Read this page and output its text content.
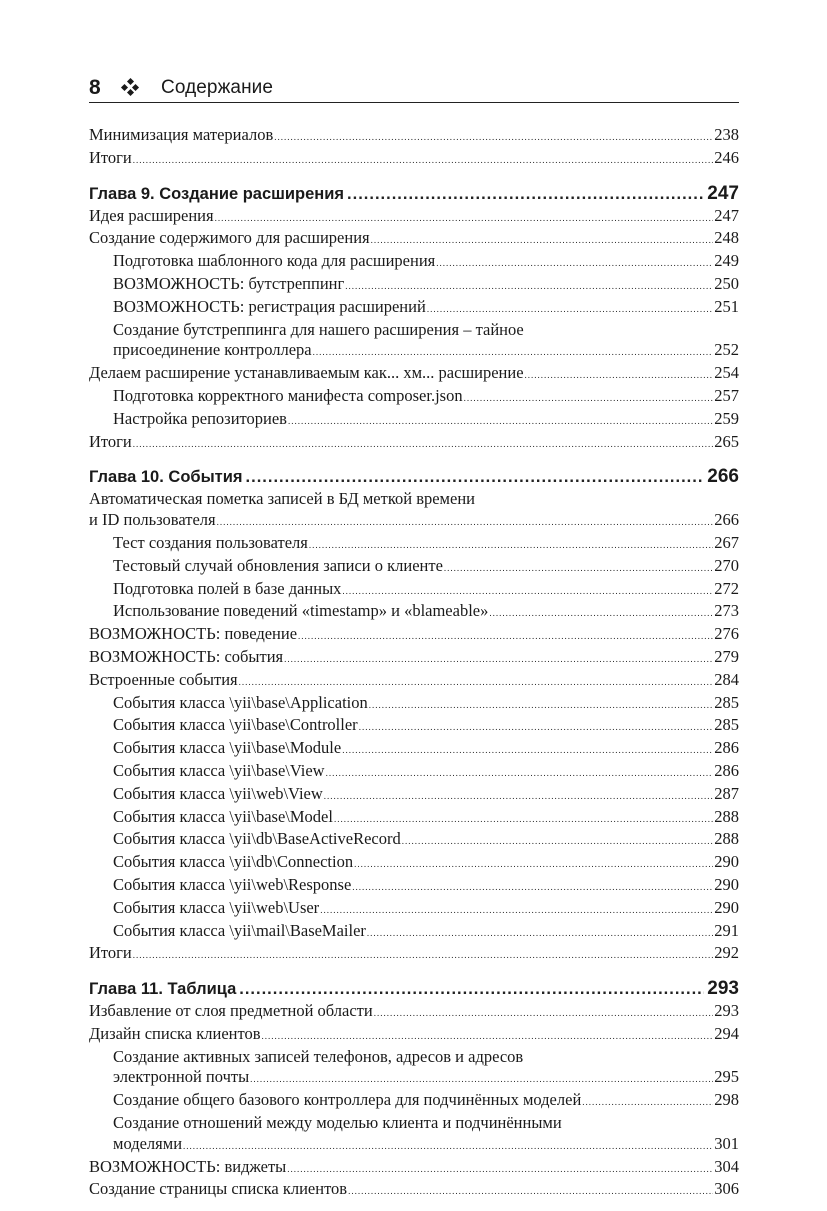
8	Содержание
Минимизация материалов .....	238
Итоги .....	246
Глава 9. Создание расширения .....	247
Идея расширения .....	247
Создание содержимого для расширения .....	248
Подготовка шаблонного кода для расширения .....	249
ВОЗМОЖНОСТЬ: бутстреппинг .....	250
ВОЗМОЖНОСТЬ: регистрация расширений .....	251
Создание бутстреппинга для нашего расширения – тайное
присоединение контроллера .....	252
Делаем расширение устанавливаемым как... хм... расширение .....	254
Подготовка корректного манифеста composer.json .....	257
Настройка репозиториев .....	259
Итоги .....	265
Глава 10. События .....	266
Автоматическая пометка записей в БД меткой времени
и ID пользователя .....	266
Тест создания пользователя .....	267
Тестовый случай обновления записи о клиенте .....	270
Подготовка полей в базе данных .....	272
Использование поведений «timestamp» и «blameable» .....	273
ВОЗМОЖНОСТЬ: поведение .....	276
ВОЗМОЖНОСТЬ: события .....	279
Встроенные события .....	284
События класса \yii\base\Application .....	285
События класса \yii\base\Controller .....	285
События класса \yii\base\Module .....	286
События класса \yii\base\View .....	286
События класса \yii\web\View .....	287
События класса \yii\base\Model .....	288
События класса \yii\db\BaseActiveRecord .....	288
События класса \yii\db\Connection .....	290
События класса \yii\web\Response .....	290
События класса \yii\web\User .....	290
События класса \yii\mail\BaseMailer .....	291
Итоги .....	292
Глава 11. Таблица .....	293
Избавление от слоя предметной области .....	293
Дизайн списка клиентов .....	294
Создание активных записей телефонов, адресов и адресов
электронной почты .....	295
Создание общего базового контроллера для подчинённых моделей .....	298
Создание отношений между моделью клиента и подчинёнными
моделями .....	301
ВОЗМОЖНОСТЬ: виджеты .....	304
Создание страницы списка клиентов .....	306
